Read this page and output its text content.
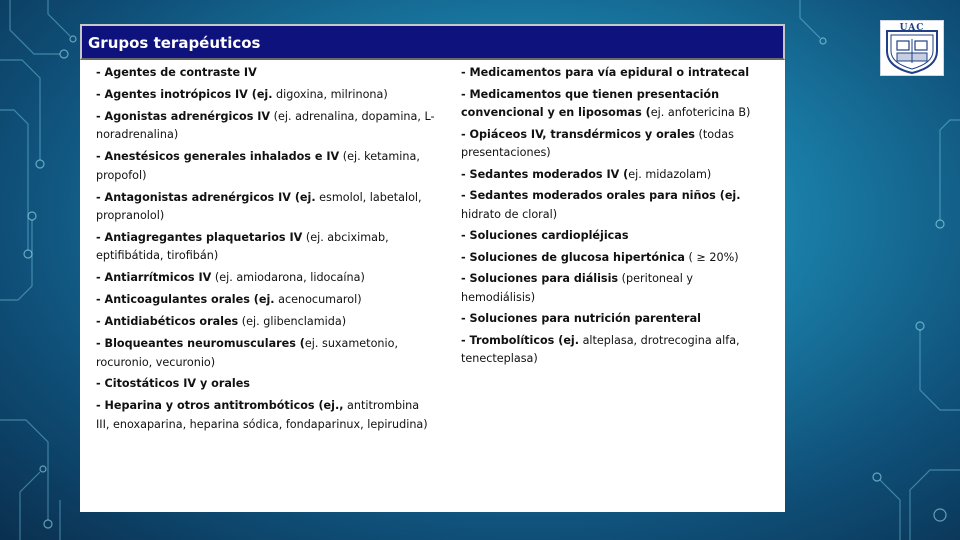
UAC
Grupos terapéuticos
- Agentes de contraste IV
- Agentes inotrópicos IV (ej. digoxina, milrinona)
- Agonistas adrenérgicos IV (ej. adrenalina, dopamina, L-noradrenalina)
- Anestésicos generales inhalados e IV (ej. ketamina, propofol)
- Antagonistas adrenérgicos IV (ej. esmolol, labetalol, propranolol)
- Antiagregantes plaquetarios IV (ej. abciximab, eptifibátida, tirofibán)
- Antiarrítmicos IV (ej. amiodarona, lidocaína)
- Anticoagulantes orales (ej. acenocumarol)
- Antidiabéticos orales (ej. glibenclamida)
- Bloqueantes neuromusculares (ej. suxametonio, rocuronio, vecuronio)
- Citostáticos IV y orales
- Heparina y otros antitrombóticos (ej., antitrombina III, enoxaparina, heparina sódica, fondaparinux, lepirudina)
- Medicamentos para vía epidural o intratecal
- Medicamentos que tienen presentación convencional y en liposomas (ej. anfotericina B)
- Opiáceos IV, transdérmicos y orales (todas presentaciones)
- Sedantes moderados IV (ej. midazolam)
- Sedantes moderados orales para niños (ej. hidrato de cloral)
- Soluciones cardiopléjicas
- Soluciones de glucosa hipertónica ( ≥ 20%)
- Soluciones para diálisis (peritoneal y hemodiálisis)
- Soluciones para nutrición parenteral
- Trombolíticos (ej. alteplasa, drotrecogina alfa, tenecteplasa)
